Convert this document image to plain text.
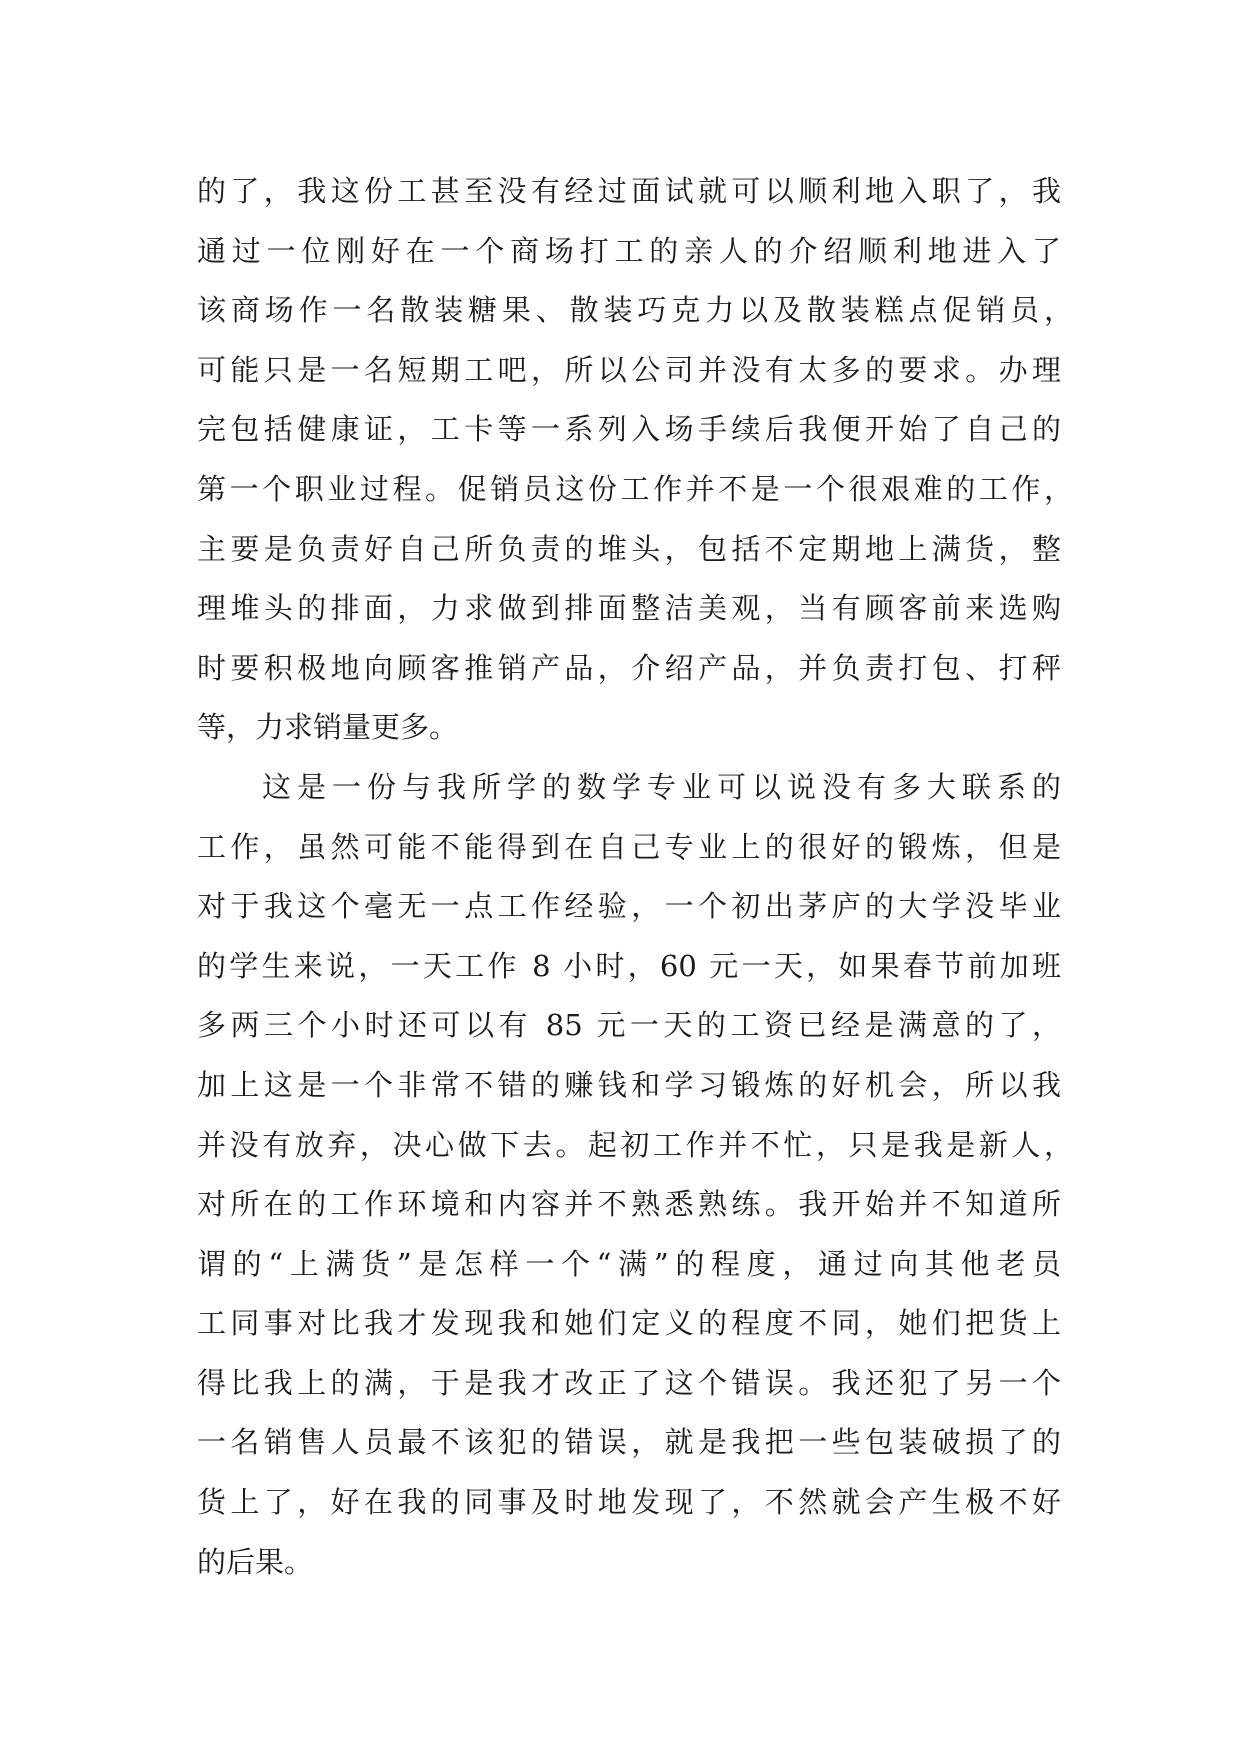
的了，我这份工甚至没有经过面试就可以顺利地入职了，我
通过一位刚好在一个商场打工的亲人的介绍顺利地进入了
该商场作一名散装糖果、散装巧克力以及散装糕点促销员，
可能只是一名短期工吧，所以公司并没有太多的要求。办理
完包括健康证，工卡等一系列入场手续后我便开始了自己的
第一个职业过程。促销员这份工作并不是一个很艰难的工作，
主要是负责好自己所负责的堆头，包括不定期地上满货，整
理堆头的排面，力求做到排面整洁美观，当有顾客前来选购
时要积极地向顾客推销产品，介绍产品，并负责打包、打秤
等，力求销量更多。
这是一份与我所学的数学专业可以说没有多大联系的
工作，虽然可能不能得到在自己专业上的很好的锻炼，但是
对于我这个毫无一点工作经验，一个初出茅庐的大学没毕业
的学生来说，一天工作 8 小时，60 元一天，如果春节前加班
多两三个小时还可以有 85 元一天的工资已经是满意的了，
加上这是一个非常不错的赚钱和学习锻炼的好机会，所以我
并没有放弃，决心做下去。起初工作并不忙，只是我是新人，
对所在的工作环境和内容并不熟悉熟练。我开始并不知道所
谓的“上满货”是怎样一个“满”的程度，通过向其他老员
工同事对比我才发现我和她们定义的程度不同，她们把货上
得比我上的满，于是我才改正了这个错误。我还犯了另一个
一名销售人员最不该犯的错误，就是我把一些包装破损了的
货上了，好在我的同事及时地发现了，不然就会产生极不好
的后果。
